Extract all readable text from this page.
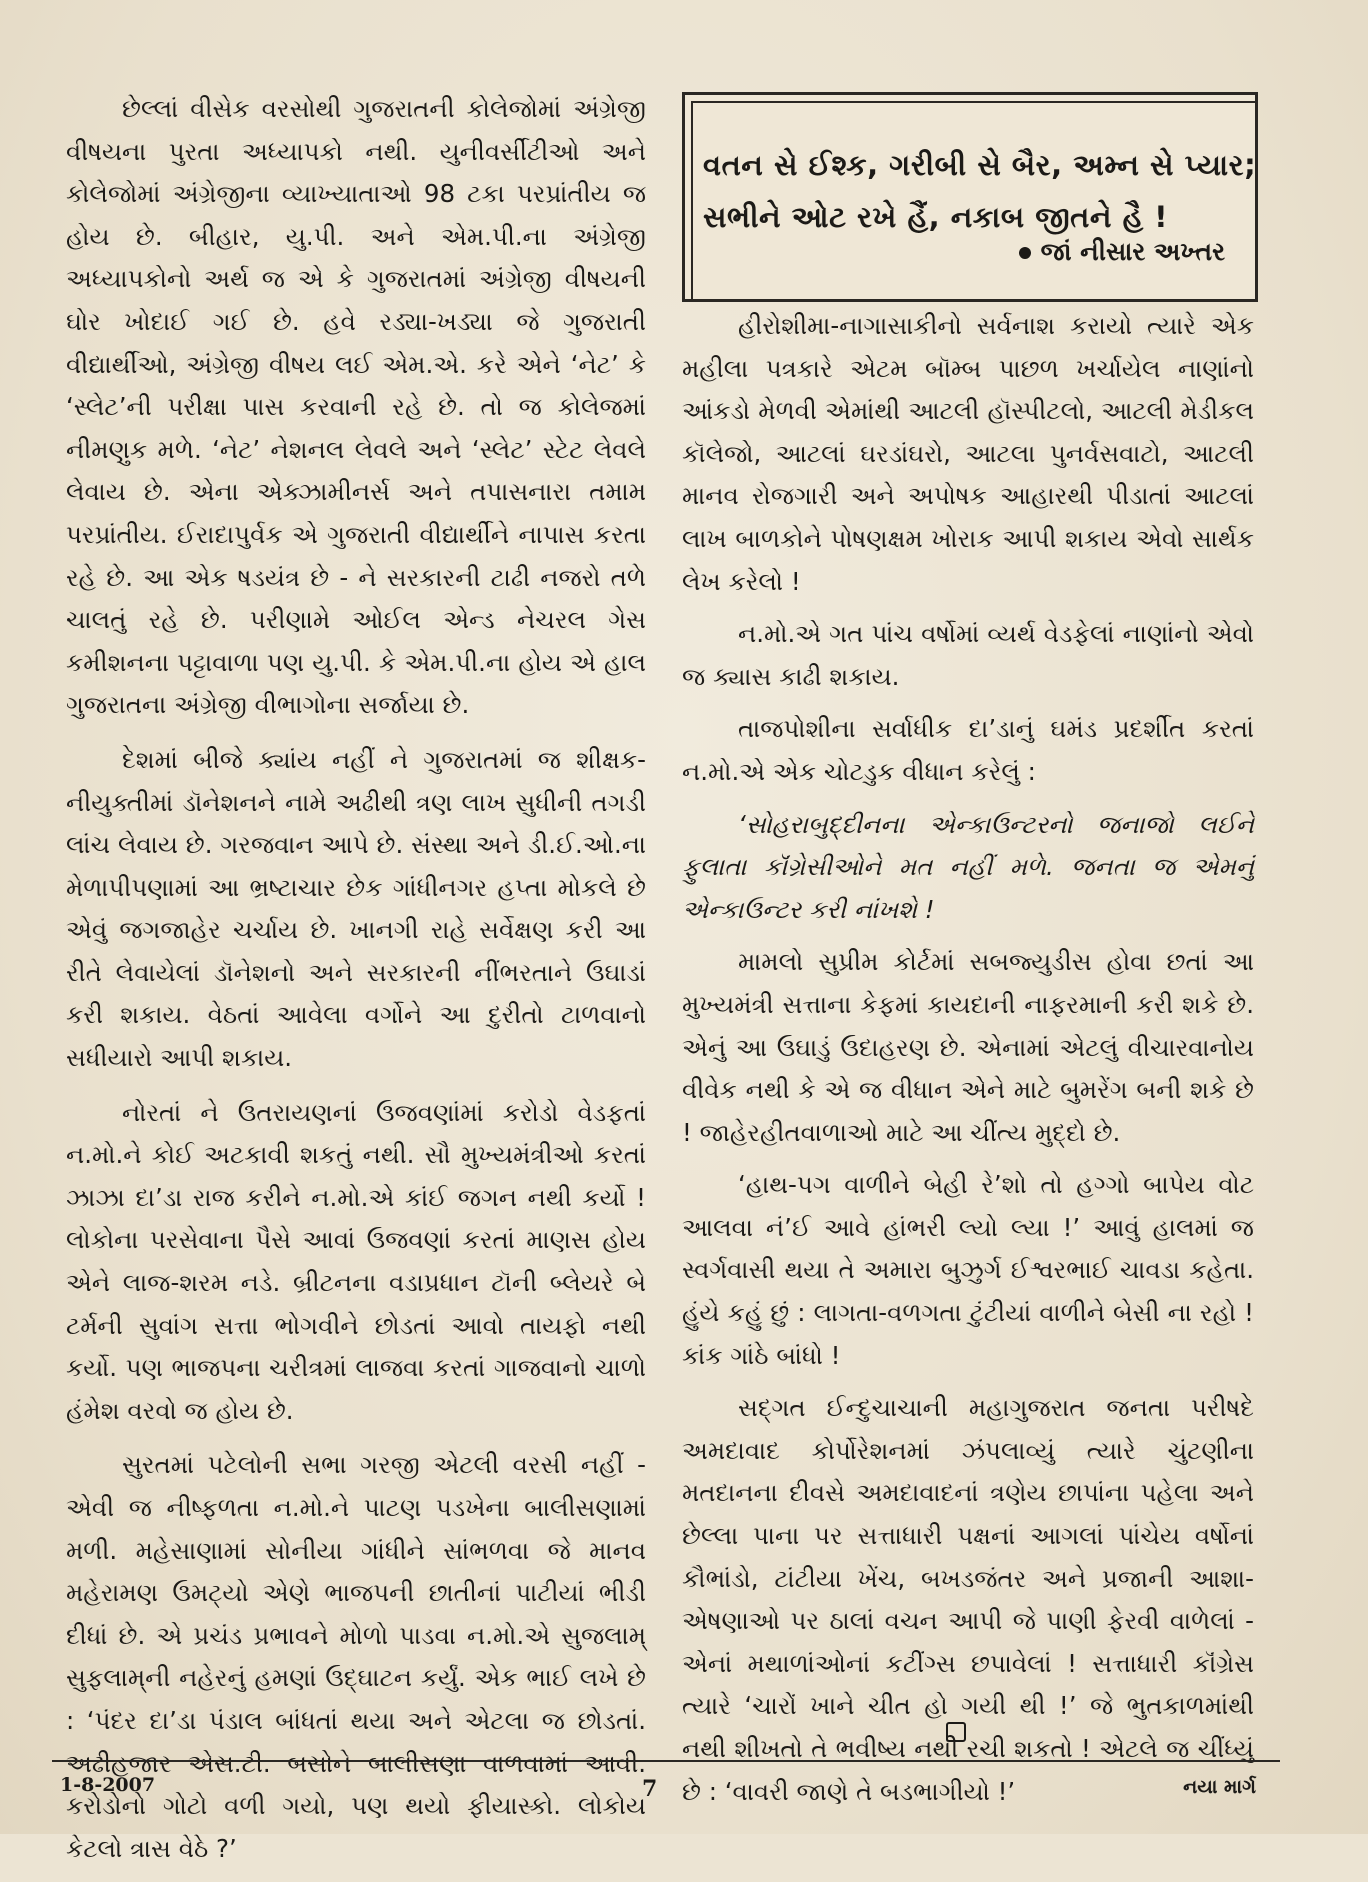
છેલ્લાં વીસેક વરસોથી ગુજરાતની કોલેજોમાં અંગ્રેજી વીષયના પુરતા અધ્યાપકો નથી. યુનીવર્સીટીઓ અને કોલેજોમાં અંગ્રેજીના વ્યાખ્યાતાઓ 98 ટકા પરપ્રાંતીય જ હોય છે. બીહાર, યુ.પી. અને એમ.પી.ના અંગ્રેજી અધ્યાપકોનો અર્થ જ એ કે ગુજરાતમાં અંગ્રેજી વીષયની ઘોર ખોદાઈ ગઈ છે. હવે રડ્યા-ખડ્યા જે ગુજરાતી વીદ્યાર્થીઓ, અંગ્રેજી વીષય લઈ એમ.એ. કરે એને ‘નેટ’ કે ‘સ્લેટ’ની પરીક્ષા પાસ કરવાની રહે છે. તો જ કોલેજમાં નીમણુક મળે. ‘નેટ’ નેશનલ લેવલે અને ‘સ્લેટ’ સ્ટેટ લેવલે લેવાય છે. એના એક્ઝામીનર્સ અને તપાસનારા તમામ પરપ્રાંતીય. ઈરાદાપુર્વક એ ગુજરાતી વીદ્યાર્થીને નાપાસ કરતા રહે છે. આ એક ષડયંત્ર છે - ને સરકારની ટાઢી નજરો તળે ચાલતું રહે છે. પરીણામે ઓઈલ એન્ડ નેચરલ ગેસ કમીશનના પટ્ટાવાળા પણ યુ.પી. કે એમ.પી.ના હોય એ હાલ ગુજરાતના અંગ્રેજી વીભાગોના સર્જાયા છે.

દેશમાં બીજે ક્યાંય નહીં ને ગુજરાતમાં જ શીક્ષક-નીયુક્તીમાં ડૉનેશનને નામે અઢીથી ત્રણ લાખ સુધીની તગડી લાંચ લેવાય છે. ગરજવાન આપે છે. સંસ્થા અને ડી.ઈ.ઓ.ના મેળાપીપણામાં આ ભ્રષ્ટાચાર છેક ગાંધીનગર હપ્તા મોકલે છે એવું જગજાહેર ચર્ચાય છે. ખાનગી રાહે સર્વેક્ષણ કરી આ રીતે લેવાયેલાં ડૉનેશનો અને સરકારની નીંભરતાને ઉઘાડાં કરી શકાય. વેઠતાં આવેલા વર્ગોને આ દુરીતો ટાળવાનો સધીયારો આપી શકાય.

નોરતાં ને ઉતરાયણનાં ઉજવણાંમાં કરોડો વેડફતાં ન.મો.ને કોઈ અટકાવી શકતું નથી. સૌ મુખ્યમંત્રીઓ કરતાં ઝાઝા દા’ડા રાજ કરીને ન.મો.એ કાંઈ જગન નથી કર્યો ! લોકોના પરસેવાના પૈસે આવાં ઉજવણાં કરતાં માણસ હોય એને લાજ-શરમ નડે. બ્રીટનના વડાપ્રધાન ટૉની બ્લેયરે બે ટર્મની સુવાંગ સત્તા ભોગવીને છોડતાં આવો તાયફો નથી કર્યો. પણ ભાજપના ચરીત્રમાં લાજવા કરતાં ગાજવાનો ચાળો હંમેશ વરવો જ હોય છે.

સુરતમાં પટેલોની સભા ગરજી એટલી વરસી નહીં - એવી જ નીષ્ફળતા ન.મો.ને પાટણ પડખેના બાલીસણામાં મળી. મહેસાણામાં સોનીયા ગાંધીને સાંભળવા જે માનવ મહેરામણ ઉમટ્યો એણે ભાજપની છાતીનાં પાટીયાં ભીડી દીધાં છે. એ પ્રચંડ પ્રભાવને મોળો પાડવા ન.મો.એ સુજલામ્ સુફલામ્‌ની નહેરનું હમણાં ઉદ્‌ઘાટન કર્યું. એક ભાઈ લખે છે : ‘પંદર દા’ડા પંડાલ બાંધતાં થયા અને એટલા જ છોડતાં. અઢીહજાર એસ.ટી. બસોને બાલીસણા વાળવામાં આવી. કરોડોનો ગોટો વળી ગયો, પણ થયો ફીયાસ્કો. લોકોય કેટલો ત્રાસ વેઠે ?’

વતન સે ઈશ્ક, ગરીબી સે બૈર, અમ્ન સે પ્યાર;
સભીને ઓટ રખે હૈં, નકાબ જીતને હૈ !
જાં નીસાર અખ્તર

હીરોશીમા-નાગાસાકીનો સર્વનાશ કરાયો ત્યારે એક મહીલા પત્રકારે એટમ બૉમ્બ પાછળ ખર્ચાયેલ નાણાંનો આંકડો મેળવી એમાંથી આટલી હૉસ્પીટલો, આટલી મેડીકલ કૉલેજો, આટલાં ઘરડાંઘરો, આટલા પુનર્વસવાટો, આટલી માનવ રોજગારી અને અપોષક આહારથી પીડાતાં આટલાં લાખ બાળકોને પોષણક્ષમ ખોરાક આપી શકાય એવો સાર્થક લેખ કરેલો !

ન.મો.એ ગત પાંચ વર્ષોમાં વ્યર્થ વેડફેલાં નાણાંનો એવો જ ક્યાસ કાઢી શકાય.

તાજપોશીના સર્વાધીક દા’ડાનું ઘમંડ પ્રદર્શીત કરતાં ન.મો.એ એક ચોટડુક વીધાન કરેલું :

‘સોહરાબુદ્દીનના એન્કાઉન્ટરનો જનાજો લઈને ફુલાતા કૉંગ્રેસીઓને મત નહીં મળે. જનતા જ એમનું એન્કાઉન્ટર કરી નાંખશે !

મામલો સુપ્રીમ કોર્ટમાં સબજ્યુડીસ હોવા છતાં આ મુખ્યમંત્રી સત્તાના કેફમાં કાયદાની નાફરમાની કરી શકે છે. એનું આ ઉઘાડું ઉદાહરણ છે. એનામાં એટલું વીચારવાનોય વીવેક નથી કે એ જ વીધાન એને માટે બુમરેંગ બની શકે છે ! જાહેરહીતવાળાઓ માટે આ ચીંત્ય મુદ્દો છે.

‘હાથ-પગ વાળીને બેહી રે’શો તો હગ્ગો બાપેય વોટ આલવા નં’ઈ આવે હાંભરી લ્યો લ્યા !’ આવું હાલમાં જ સ્વર્ગવાસી થયા તે અમારા બુઝુર્ગ ઈશ્વરભાઈ ચાવડા કહેતા. હુંયે કહું છું : લાગતા-વળગતા ટુંટીયાં વાળીને બેસી ના રહો ! કાંક ગાંઠે બાંધો !

સદ્‌ગત ઈન્દુચાચાની મહાગુજરાત જનતા પરીષદે અમદાવાદ કોર્પોરેશનમાં ઝંપલાવ્યું ત્યારે ચુંટણીના મતદાનના દીવસે અમદાવાદનાં ત્રણેય છાપાંના પહેલા અને છેલ્લા પાના પર સત્તાધારી પક્ષનાં આગલાં પાંચેય વર્ષોનાં કૌભાંડો, ટાંટીયા ખેંચ, બખડજંતર અને પ્રજાની આશા-એષણાઓ પર ઠાલાં વચન આપી જે પાણી ફેરવી વાળેલાં - એનાં મથાળાંઓનાં કટીંગ્સ છપાવેલાં ! સત્તાધારી કૉંગ્રેસ ત્યારે ‘ચારોં ખાને ચીત હો ગયી થી !’ જે ભુતકાળમાંથી નથી શીખતો તે ભવીષ્ય નથી રચી શકતો ! એટલે જ ચીંધ્યું છે : ‘વાવરી જાણે તે બડભાગીયો !’

1-8-2007	7	નયા માર્ગ
